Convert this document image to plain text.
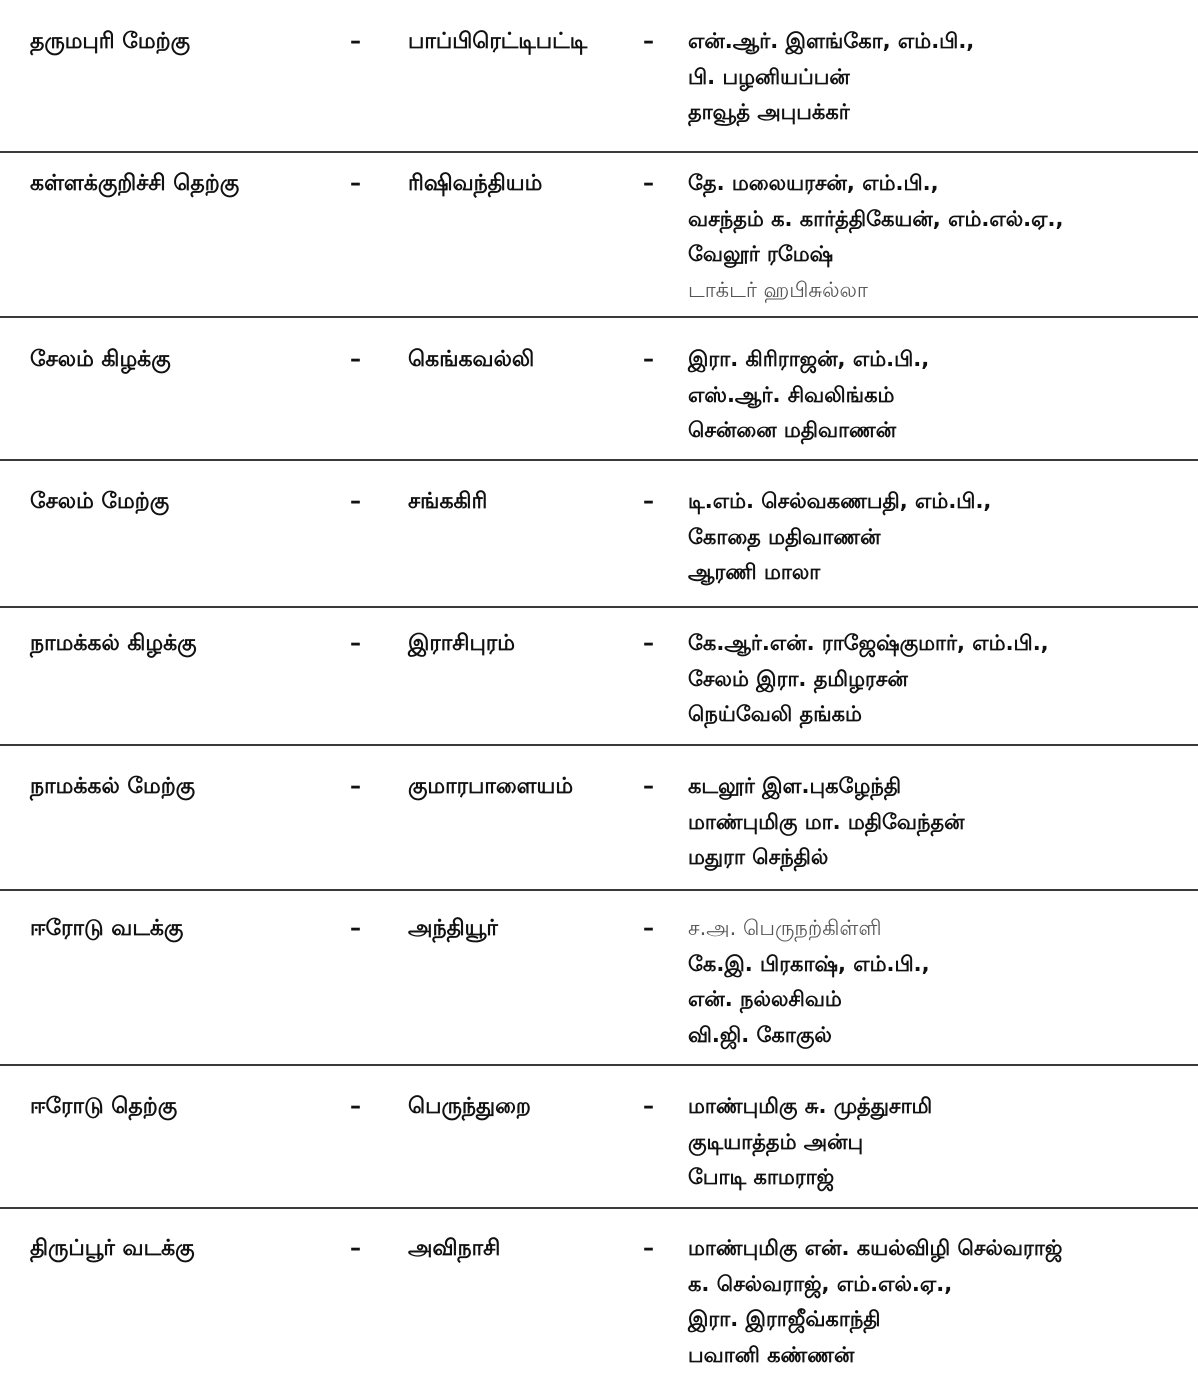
தருமபுரி மேற்கு	– பாப்பிரெட்டிபட்டி	– என்.ஆர். இளங்கோ, எம்.பி.,
பி. பழனியப்பன்
தாவூத் அபுபக்கர்
கள்ளக்குறிச்சி தெற்கு	– ரிஷிவந்தியம்	– தே. மலையரசன், எம்.பி.,
வசந்தம் க. கார்த்திகேயன், எம்.எல்.ஏ.,
வேலூர் ரமேஷ்
டாக்டர் ஹபிசுல்லா
சேலம் கிழக்கு	– கெங்கவல்லி	– இரா. கிரிராஜன், எம்.பி.,
எஸ்.ஆர். சிவலிங்கம்
சென்னை மதிவாணன்
சேலம் மேற்கு	– சங்ககிரி	– டி.எம். செல்வகணபதி, எம்.பி.,
கோதை மதிவாணன்
ஆரணி மாலா
நாமக்கல் கிழக்கு	– இராசிபுரம்	– கே.ஆர்.என். ராஜேஷ்குமார், எம்.பி.,
சேலம் இரா. தமிழரசன்
நெய்வேலி தங்கம்
நாமக்கல் மேற்கு	– குமாரபாளையம்	– கடலூர் இள.புகழேந்தி
மாண்புமிகு மா. மதிவேந்தன்
மதுரா செந்தில்
ஈரோடு வடக்கு	– அந்தியூர்	– ச.அ. பெருநற்கிள்ளி
கே.இ. பிரகாஷ், எம்.பி.,
என். நல்லசிவம்
வி.ஜி. கோகுல்
ஈரோடு தெற்கு	– பெருந்துறை	– மாண்புமிகு சு. முத்துசாமி
குடியாத்தம் அன்பு
போடி காமராஜ்
திருப்பூர் வடக்கு	– அவிநாசி	– மாண்புமிகு என். கயல்விழி செல்வராஜ்
க. செல்வராஜ், எம்.எல்.ஏ.,
இரா. இராஜீவ்காந்தி
பவானி கண்ணன்
